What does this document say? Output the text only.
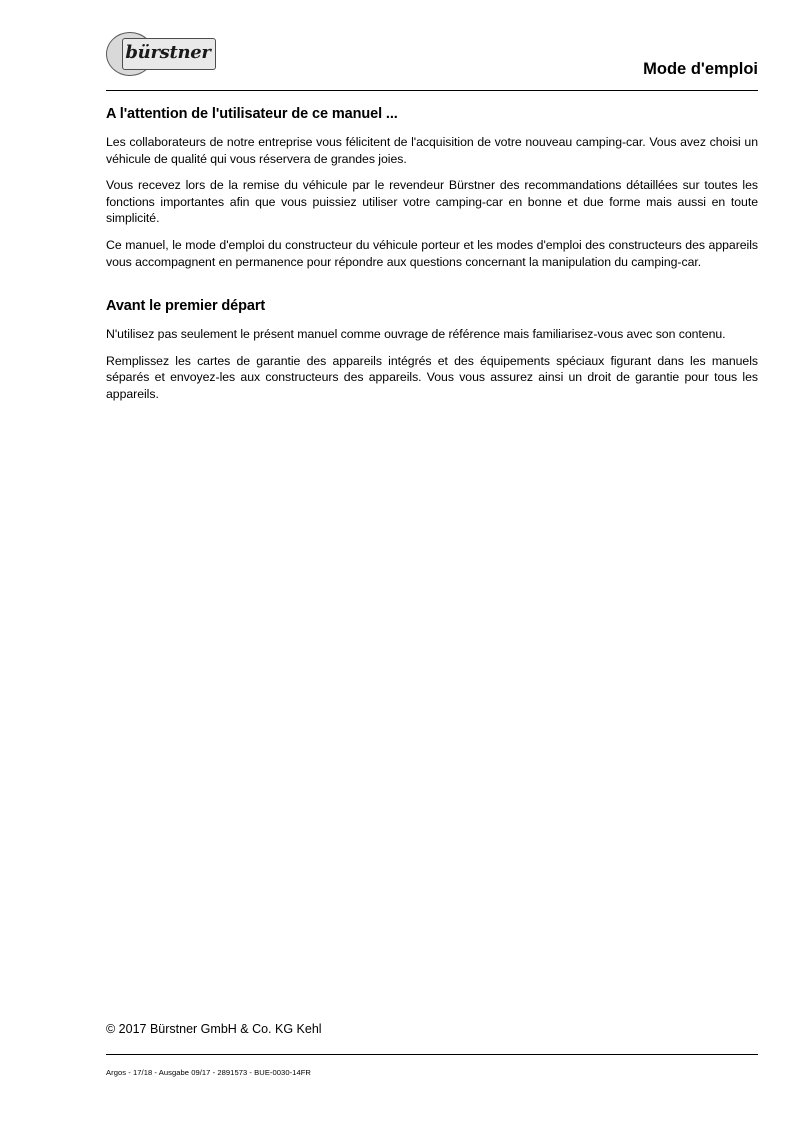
bürstner
Mode d'emploi
A l'attention de l'utilisateur de ce manuel ...

Les collaborateurs de notre entreprise vous félicitent de l'acquisition de votre nouveau camping-car. Vous avez choisi un véhicule de qualité qui vous réservera de grandes joies.

Vous recevez lors de la remise du véhicule par le revendeur Bürstner des recommandations détaillées sur toutes les fonctions importantes afin que vous puissiez utiliser votre camping-car en bonne et due forme mais aussi en toute simplicité.

Ce manuel, le mode d'emploi du constructeur du véhicule porteur et les modes d'emploi des constructeurs des appareils vous accompagnent en permanence pour répondre aux questions concernant la manipulation du camping-car.

Avant le premier départ

N'utilisez pas seulement le présent manuel comme ouvrage de référence mais familiarisez-vous avec son contenu.

Remplissez les cartes de garantie des appareils intégrés et des équipements spéciaux figurant dans les manuels séparés et envoyez-les aux constructeurs des appareils. Vous vous assurez ainsi un droit de garantie pour tous les appareils.

© 2017 Bürstner GmbH & Co. KG Kehl
Argos - 17/18 - Ausgabe 09/17 - 2891573 - BUE-0030-14FR
